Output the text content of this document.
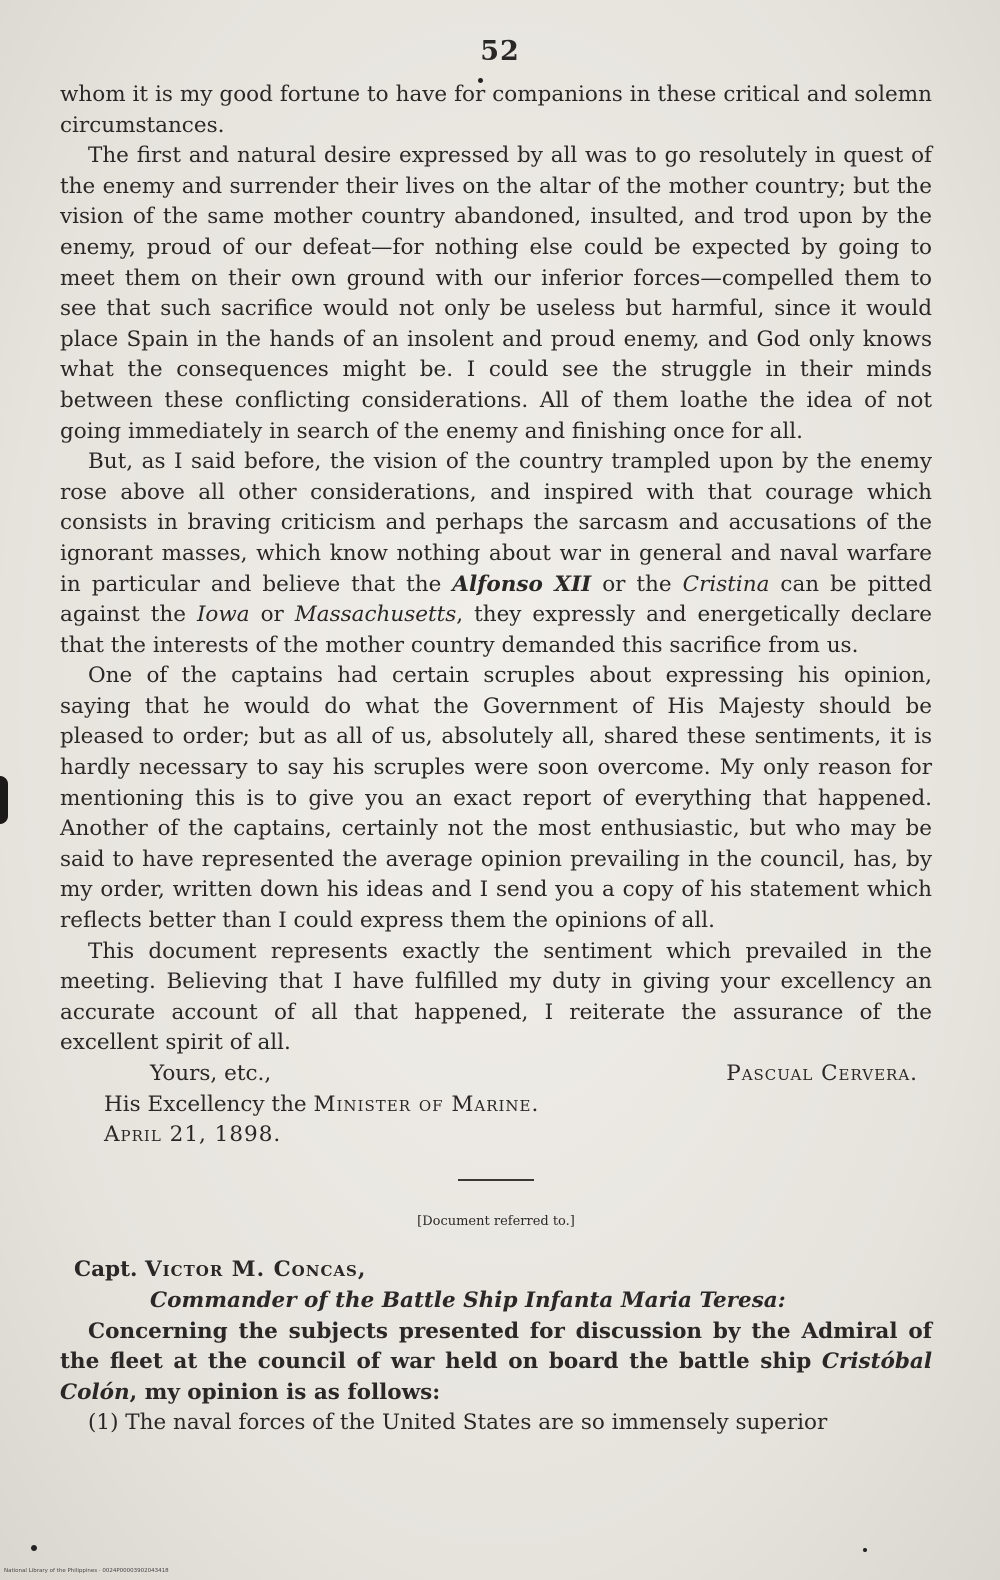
52

whom it is my good fortune to have for companions in these critical and solemn circumstances.

The first and natural desire expressed by all was to go resolutely in quest of the enemy and surrender their lives on the altar of the mother country; but the vision of the same mother country abandoned, insulted, and trod upon by the enemy, proud of our defeat—for nothing else could be expected by going to meet them on their own ground with our inferior forces—compelled them to see that such sacrifice would not only be useless but harmful, since it would place Spain in the hands of an insolent and proud enemy, and God only knows what the consequences might be. I could see the struggle in their minds between these conflicting considerations. All of them loathe the idea of not going immediately in search of the enemy and finishing once for all.

But, as I said before, the vision of the country trampled upon by the enemy rose above all other considerations, and inspired with that courage which consists in braving criticism and perhaps the sarcasm and accusations of the ignorant masses, which know nothing about war in general and naval warfare in particular and believe that the Alfonso XII or the Cristina can be pitted against the Iowa or Massachusetts, they expressly and energetically declare that the interests of the mother country demanded this sacrifice from us.

One of the captains had certain scruples about expressing his opinion, saying that he would do what the Government of His Majesty should be pleased to order; but as all of us, absolutely all, shared these sentiments, it is hardly necessary to say his scruples were soon overcome. My only reason for mentioning this is to give you an exact report of everything that happened. Another of the captains, certainly not the most enthusiastic, but who may be said to have represented the average opinion prevailing in the council, has, by my order, written down his ideas and I send you a copy of his statement which reflects better than I could express them the opinions of all.

This document represents exactly the sentiment which prevailed in the meeting. Believing that I have fulfilled my duty in giving your excellency an accurate account of all that happened, I reiterate the assurance of the excellent spirit of all.

Yours, etc.,	Pascual Cervera.
His Excellency the Minister of Marine.
April 21, 1898.
[Document referred to.]
Capt. Victor M. Concas,
Commander of the Battle Ship Infanta Maria Teresa:

Concerning the subjects presented for discussion by the Admiral of the fleet at the council of war held on board the battle ship Cristóbal Colón, my opinion is as follows:

(1) The naval forces of the United States are so immensely superior

National Library of the Philippines · 0024P00003902043418
